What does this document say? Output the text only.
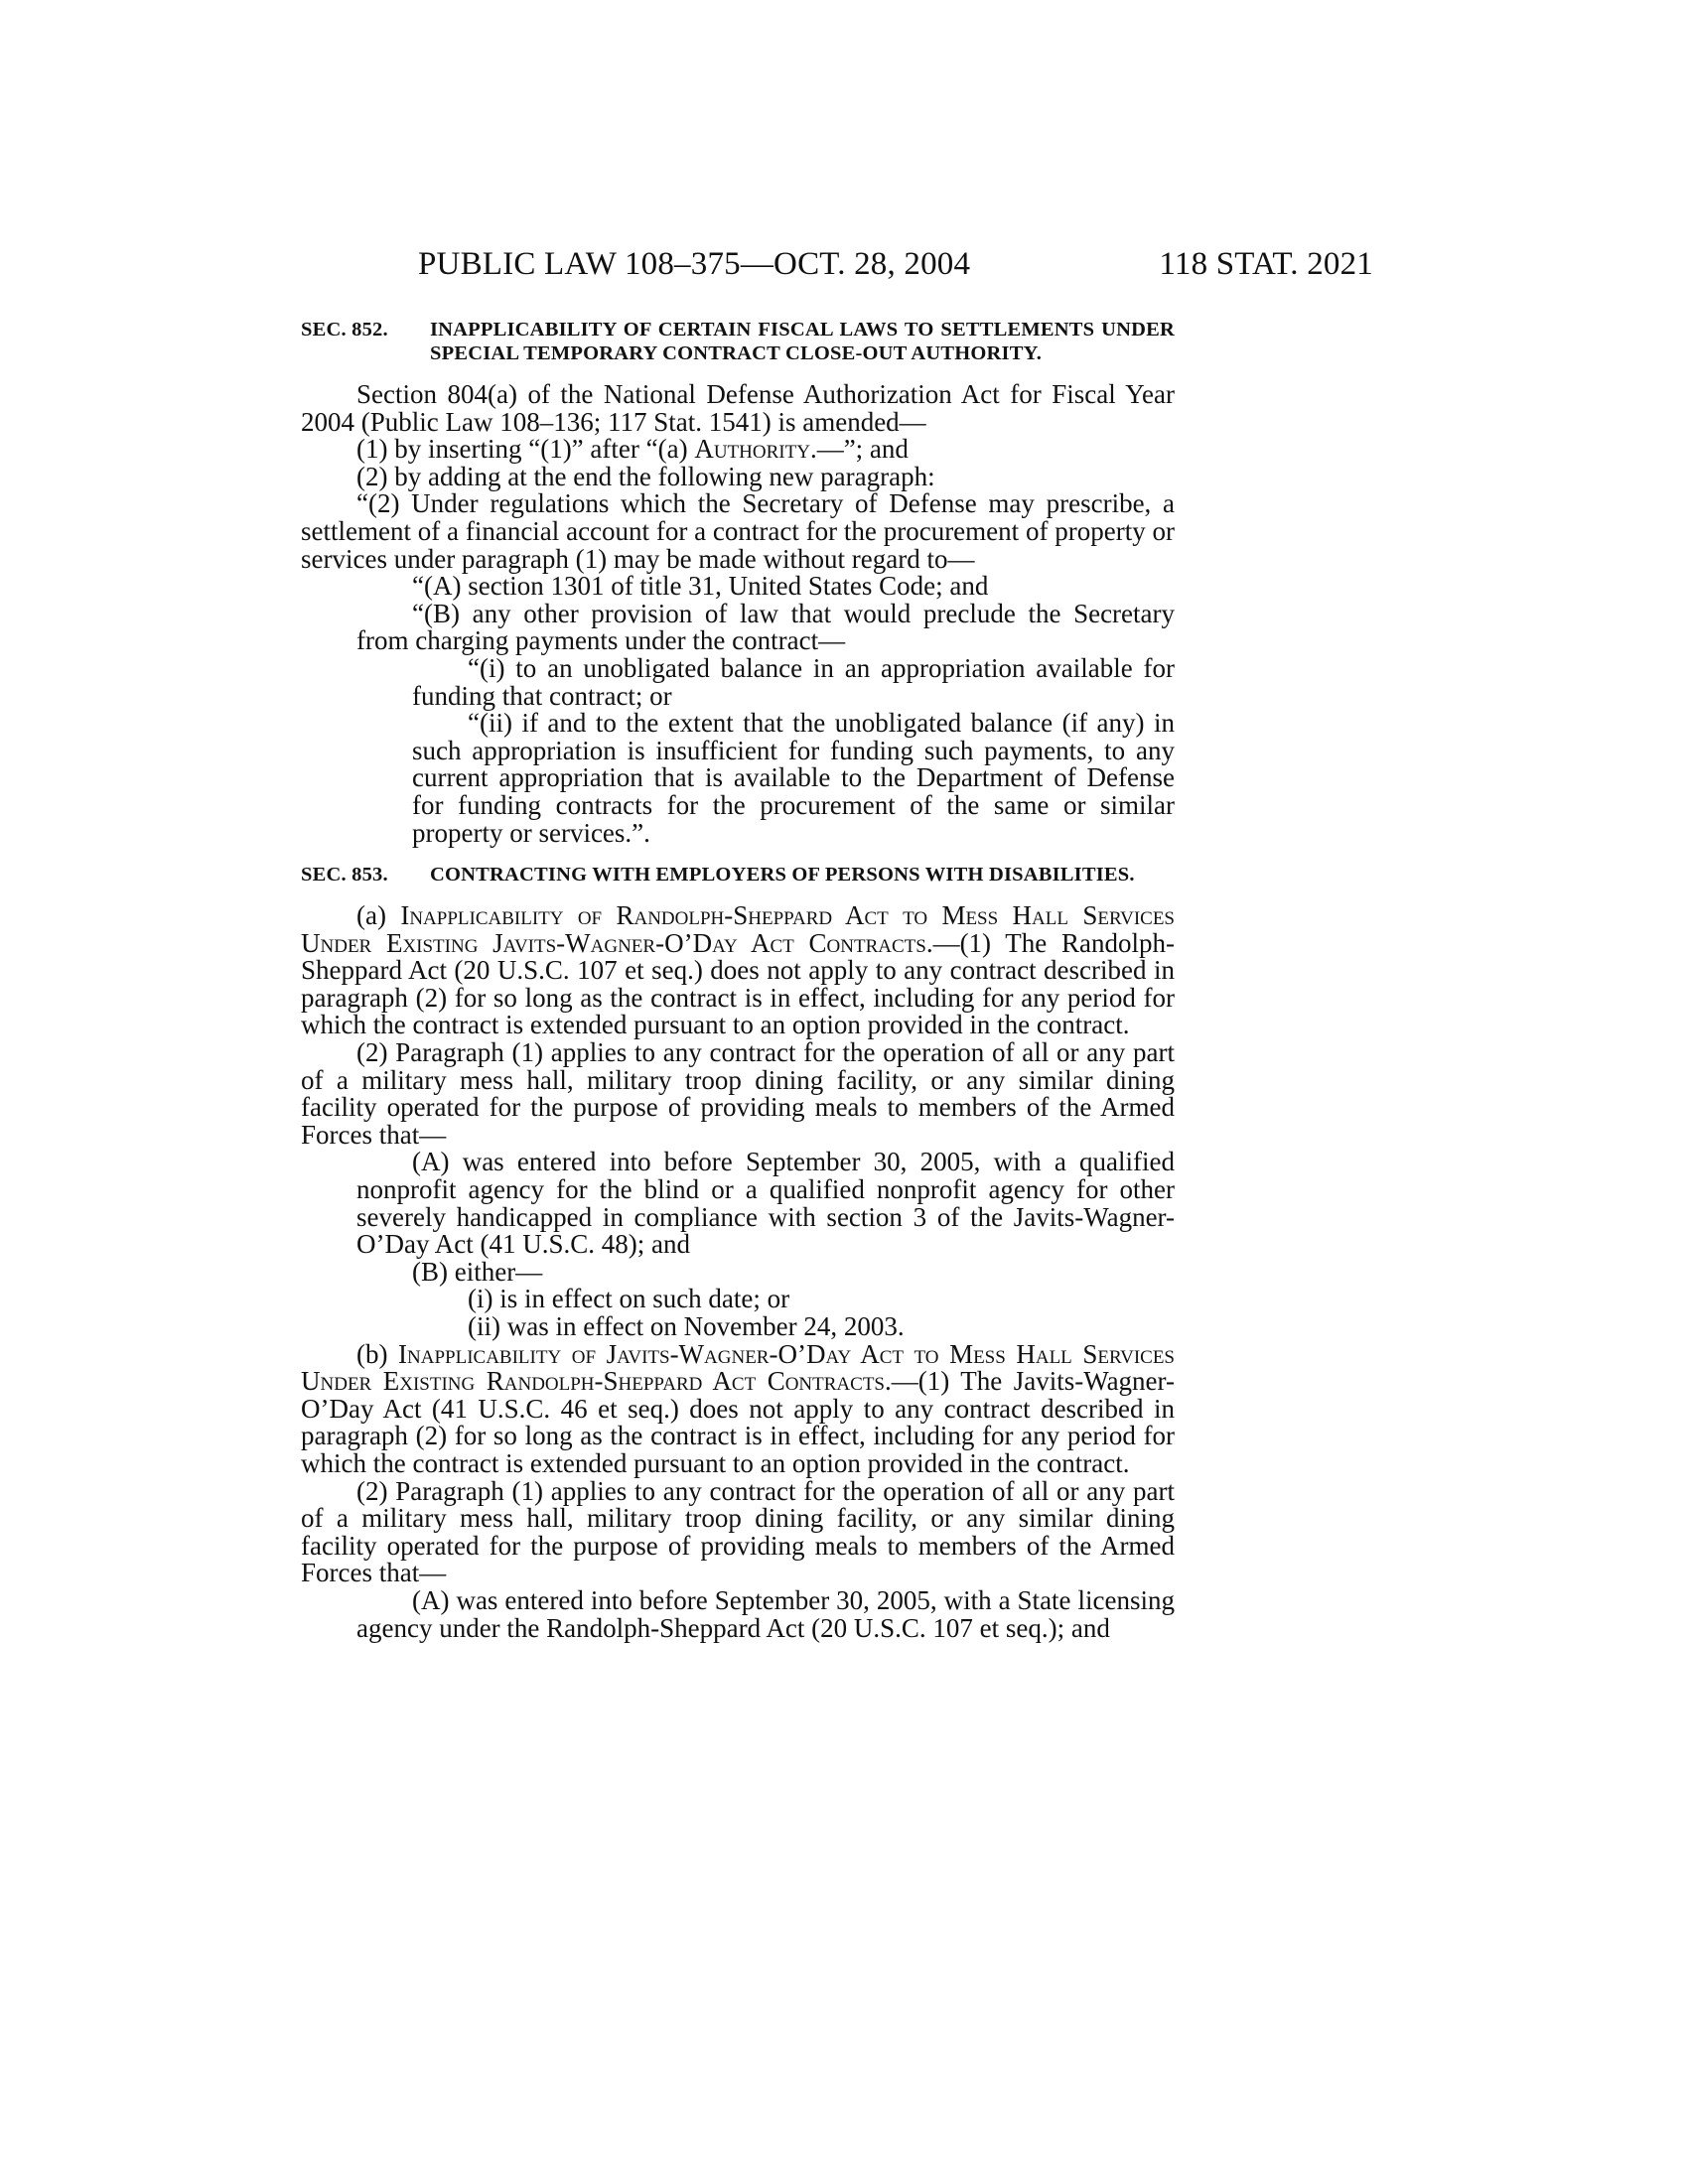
PUBLIC LAW 108–375—OCT. 28, 2004	118 STAT. 2021
SEC. 852. INAPPLICABILITY OF CERTAIN FISCAL LAWS TO SETTLEMENTS UNDER SPECIAL TEMPORARY CONTRACT CLOSE-OUT AUTHORITY.

Section 804(a) of the National Defense Authorization Act for Fiscal Year 2004 (Public Law 108–136; 117 Stat. 1541) is amended—

(1) by inserting “(1)” after “(a) Authority.—”; and

(2) by adding at the end the following new paragraph:

“(2) Under regulations which the Secretary of Defense may prescribe, a settlement of a financial account for a contract for the procurement of property or services under paragraph (1) may be made without regard to—

“(A) section 1301 of title 31, United States Code; and

“(B) any other provision of law that would preclude the Secretary from charging payments under the contract—

“(i) to an unobligated balance in an appropriation available for funding that contract; or

“(ii) if and to the extent that the unobligated balance (if any) in such appropriation is insufficient for funding such payments, to any current appropriation that is available to the Department of Defense for funding contracts for the procurement of the same or similar property or services.”.

SEC. 853. CONTRACTING WITH EMPLOYERS OF PERSONS WITH DISABILITIES.

(a) Inapplicability of Randolph-Sheppard Act to Mess Hall Services Under Existing Javits-Wagner-O’Day Act Contracts.—(1) The Randolph-Sheppard Act (20 U.S.C. 107 et seq.) does not apply to any contract described in paragraph (2) for so long as the contract is in effect, including for any period for which the contract is extended pursuant to an option provided in the contract.

(2) Paragraph (1) applies to any contract for the operation of all or any part of a military mess hall, military troop dining facility, or any similar dining facility operated for the purpose of providing meals to members of the Armed Forces that—

(A) was entered into before September 30, 2005, with a qualified nonprofit agency for the blind or a qualified nonprofit agency for other severely handicapped in compliance with section 3 of the Javits-Wagner-O’Day Act (41 U.S.C. 48); and

(B) either—

(i) is in effect on such date; or

(ii) was in effect on November 24, 2003.

(b) Inapplicability of Javits-Wagner-O’Day Act to Mess Hall Services Under Existing Randolph-Sheppard Act Contracts.—(1) The Javits-Wagner-O’Day Act (41 U.S.C. 46 et seq.) does not apply to any contract described in paragraph (2) for so long as the contract is in effect, including for any period for which the contract is extended pursuant to an option provided in the contract.

(2) Paragraph (1) applies to any contract for the operation of all or any part of a military mess hall, military troop dining facility, or any similar dining facility operated for the purpose of providing meals to members of the Armed Forces that—

(A) was entered into before September 30, 2005, with a State licensing agency under the Randolph-Sheppard Act (20 U.S.C. 107 et seq.); and
